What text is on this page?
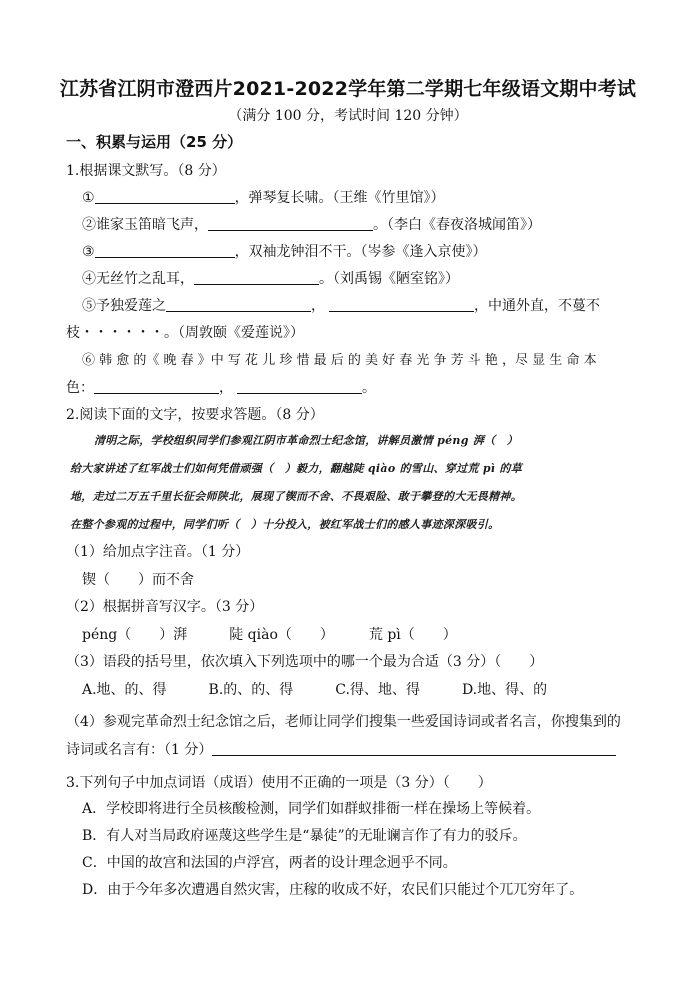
江苏省江阴市澄西片2021-2022学年第二学期七年级语文期中考试
（满分 100 分，考试时间 120 分钟）
一、积累与运用（25 分）
1.根据课文默写。（8 分）
①	，弹琴复长啸。（王维《竹里馆》）
②谁家玉笛暗飞声，	。（李白《春夜洛城闻笛》）
③	，双袖龙钟泪不干。（岑参《逢入京使》）
④无丝竹之乱耳，	。（刘禹锡《陋室铭》）
⑤予独爱莲之	，	，中通外直，不蔓不
枝・・・・・・。（周敦颐《爱莲说》）
⑥ 韩 愈 的《 晚 春 》中 写 花 儿 珍 惜 最 后 的 美 好 春 光 争 芳 斗 艳 ，尽 显 生 命 本
色：	，	。
2.阅读下面的文字，按要求答题。（8 分）
清明之际，学校组织同学们参观江阴市革命烈士纪念馆，讲解员激情 péng 湃（　）
给大家讲述了红军战士们如何凭借顽强（　）毅力，翻越陡 qiào 的雪山、穿过荒 pì 的草
地，走过二万五千里长征会师陕北，展现了锲而不舍、不畏艰险、敢于攀登的大无畏精神。
在整个参观的过程中，同学们听（　）十分投入，被红军战士们的感人事迹深深吸引。
（1）给加点字注音。（1 分）
锲（　　）而不舍
（2）根据拼音写汉字。（3 分）
péng（　　）湃　　　陡 qiào（　　）　　　荒 pì（　　）
（3）语段的括号里，依次填入下列选项中的哪一个最为合适（3 分）（　　）
A.地、的、得　　　B.的、的、得　　　C.得、地、得　　　D.地、得、的
（4）参观完革命烈士纪念馆之后，老师让同学们搜集一些爱国诗词或者名言，你搜集到的
诗词或名言有：（1 分）
3.下列句子中加点词语（成语）使用不正确的一项是（3 分）（　　）
A．学校即将进行全员核酸检测，同学们如群蚁排衙一样在操场上等候着。
B．有人对当局政府诬蔑这些学生是“暴徒”的无耻谰言作了有力的驳斥。
C．中国的故宫和法国的卢浮宫，两者的设计理念迥乎不同。
D．由于今年多次遭遇自然灾害，庄稼的收成不好，农民们只能过个兀兀穷年了。
